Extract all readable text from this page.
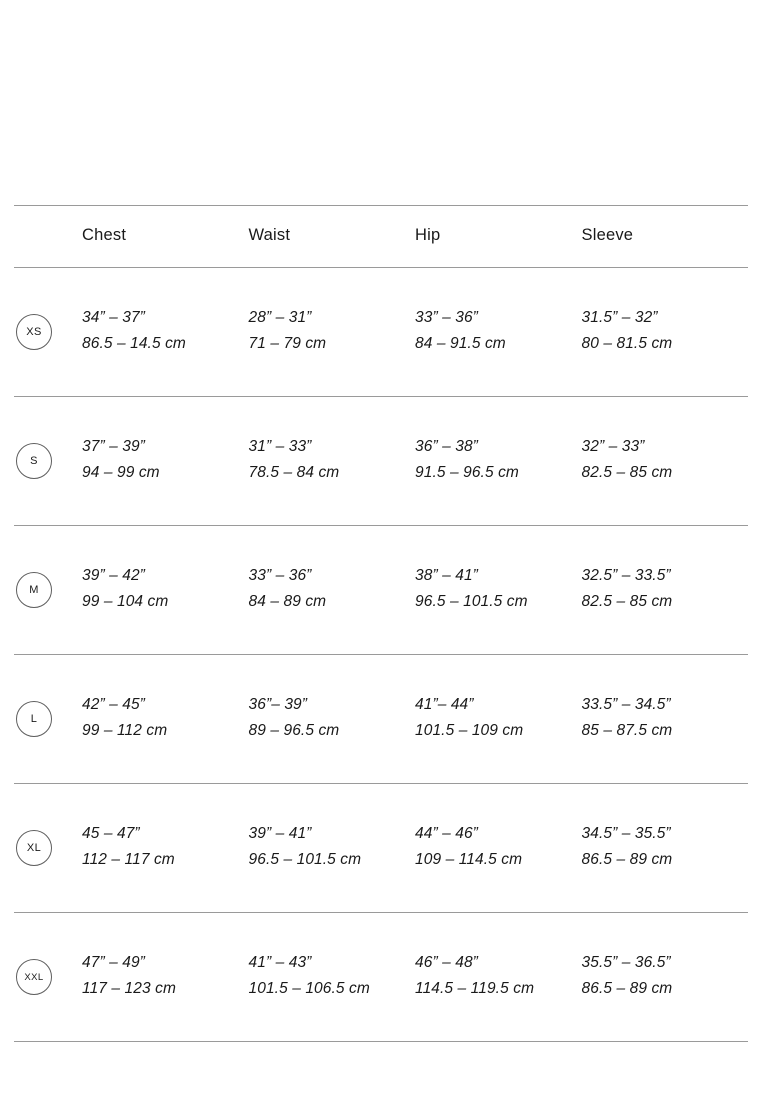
	Chest	Waist	Hip	Sleeve
XS	34” – 37”	28” – 31”	33” – 36”	31.5” – 32”
	86.5 – 14.5 cm	71 – 79 cm	84 – 91.5 cm	80 – 81.5 cm
S	37” – 39”	31” – 33”	36” – 38”	32” – 33”
	94 – 99 cm	78.5 – 84 cm	91.5 – 96.5 cm	82.5 – 85 cm
M	39” – 42”	33” – 36”	38” – 41”	32.5” – 33.5”
	99 – 104 cm	84 – 89 cm	96.5 – 101.5 cm	82.5 – 85 cm
L	42” – 45”	36”– 39”	41”– 44”	33.5” – 34.5”
	99 – 112 cm	89 – 96.5 cm	101.5 – 109 cm	85 – 87.5 cm
XL	45 – 47”	39” – 41”	44” – 46”	34.5” – 35.5”
	112 – 117 cm	96.5 – 101.5 cm	109 – 114.5 cm	86.5 – 89 cm
XXL	47” – 49”	41” – 43”	46” – 48”	35.5” – 36.5”
	117 – 123 cm	101.5 – 106.5 cm	114.5 – 119.5 cm	86.5 – 89 cm
